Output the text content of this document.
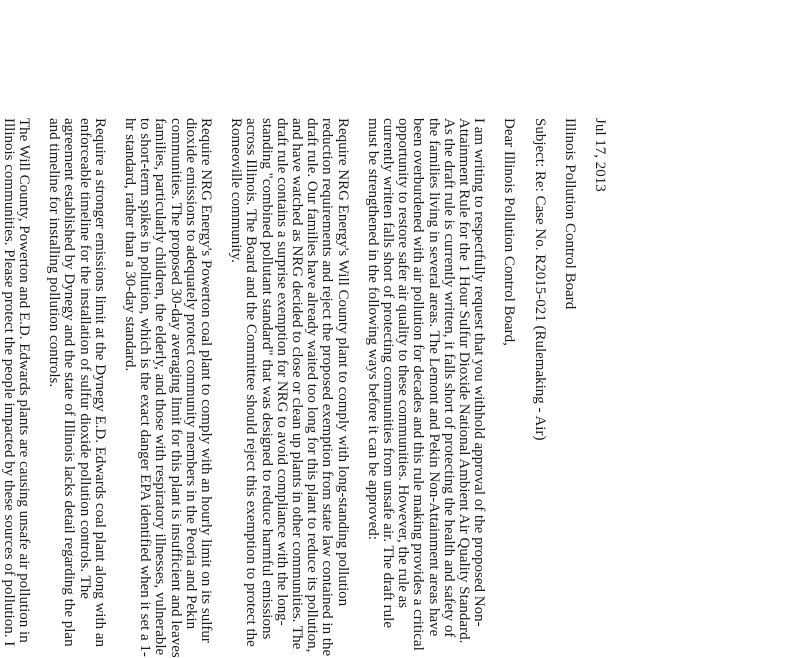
Jul 17, 2013

Illinois Pollution Control Board

Subject: Re: Case No. R2015-021 (Rulemaking - Air)

Dear Illinois Pollution Control Board,

I am writing to respectfully request that you withhold approval of the proposed Non-Attainment Rule for the 1 Hour Sulfur Dioxide National Ambient Air Quality Standard. As the draft rule is currently written, it falls short of protecting the health and safety of the families living in several areas. The Lemont and Pekin Non-Attainment areas have been overburdened with air pollution for decades and this rule making provides a critical opportunity to restore safer air quality to these communities. However, the rule as currently written falls short of protecting communities from unsafe air. The draft rule must be strengthened in the following ways before it can be approved:

Require NRG Energy's Will County plant to comply with long-standing pollution reduction requirements and reject the proposed exemption from state law contained in the draft rule. Our families have already waited too long for this plant to reduce its pollution, and have watched as NRG decided to close or clean up plants in other communities. The draft rule contains a surprise exemption for NRG to avoid compliance with the long-standing "combined pollutant standard" that was designed to reduce harmful emissions across Illinois. The Board and the Committee should reject this exemption to protect the Romeoville community.

Require NRG Energy's Powerton coal plant to comply with an hourly limit on its sulfur dioxide emissions to adequately protect community members in the Peoria and Pekin communities. The proposed 30-day averaging limit for this plant is insufficient and leaves families, particularly children, the elderly, and those with respiratory illnesses, vulnerable to short-term spikes in pollution, which is the exact danger EPA identified when it set a 1-hr standard, rather than a 30-day standard.

Require a stronger emissions limit at the Dynegy E.D. Edwards coal plant along with an enforceable timeline for the installation of sulfur dioxide pollution controls. The agreement established by Dynegy and the state of Illinois lacks detail regarding the plan and timeline for installing pollution controls.

The Will County, Powerton and E.D. Edwards plants are causing unsafe air pollution in Illinois communities. Please protect the people impacted by these sources of pollution. I
